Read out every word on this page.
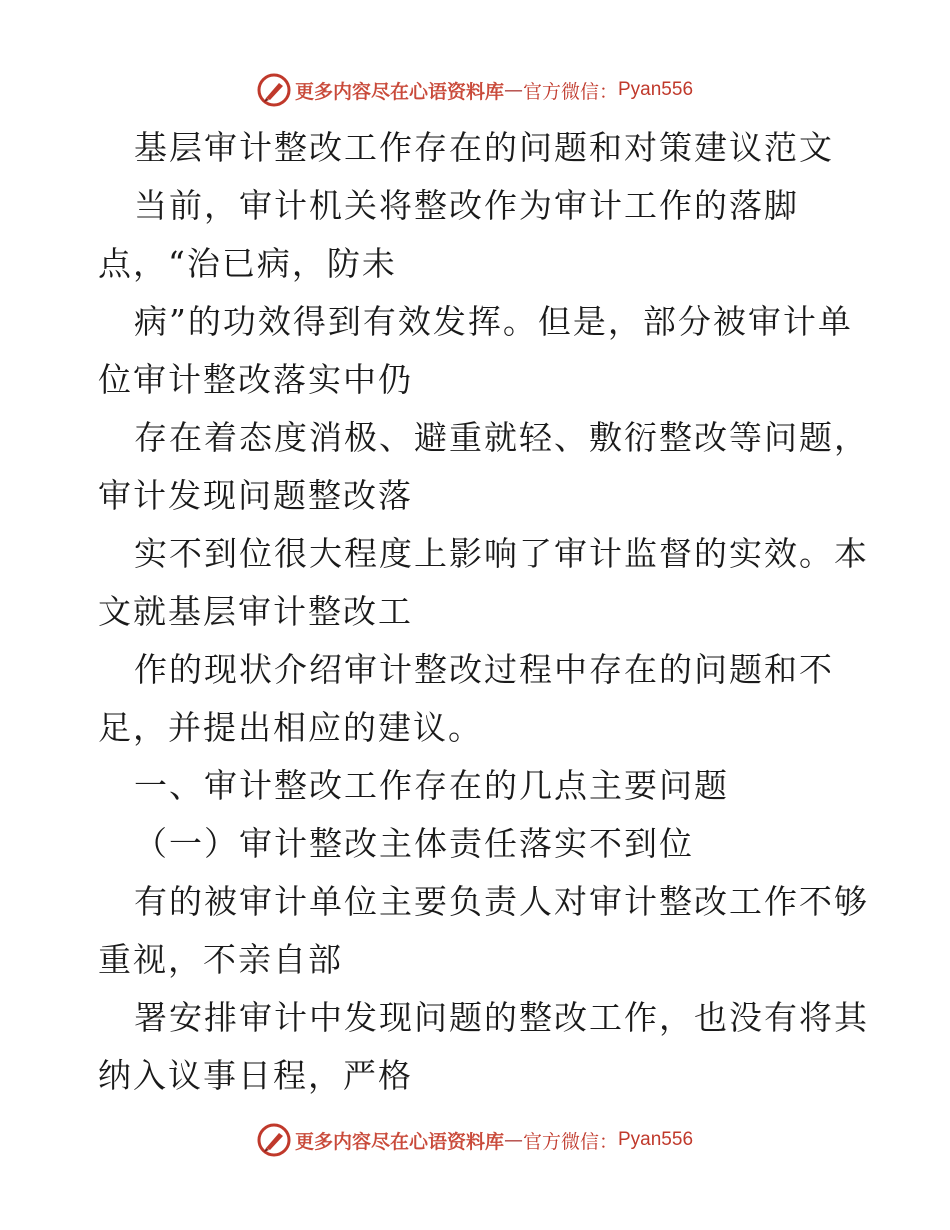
更多内容尽在心语资料库 — 官方微信： Pyan556
基层审计整改工作存在的问题和对策建议范文
当前，审计机关将整改作为审计工作的落脚
点，“治已病，防未
病”的功效得到有效发挥。但是，部分被审计单
位审计整改落实中仍
存在着态度消极、避重就轻、敷衍整改等问题，
审计发现问题整改落
实不到位很大程度上影响了审计监督的实效。本
文就基层审计整改工
作的现状介绍审计整改过程中存在的问题和不
足，并提出相应的建议。
一、审计整改工作存在的几点主要问题
（一）审计整改主体责任落实不到位
有的被审计单位主要负责人对审计整改工作不够
重视，不亲自部
署安排审计中发现问题的整改工作，也没有将其
纳入议事日程，严格
更多内容尽在心语资料库 — 官方微信： Pyan556
